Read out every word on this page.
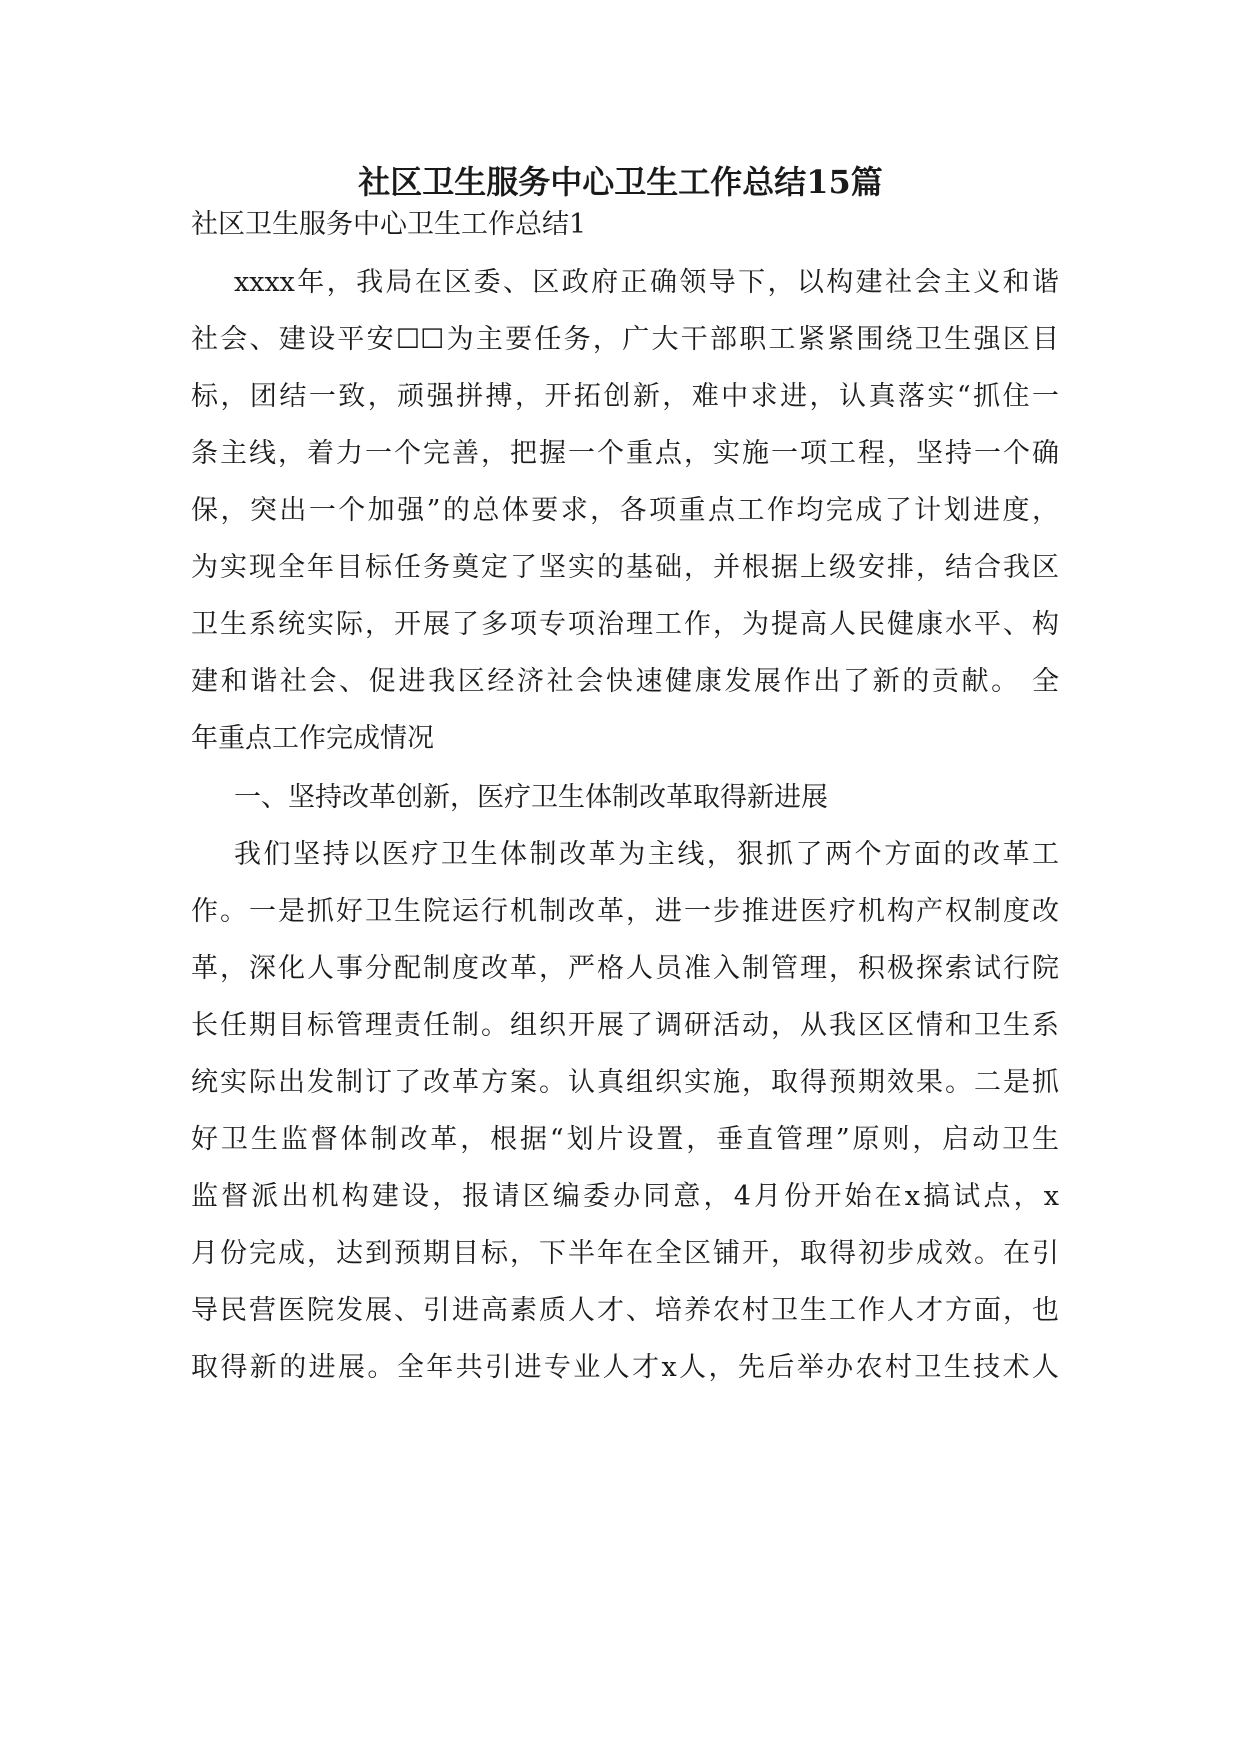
社区卫生服务中心卫生工作总结15篇
社区卫生服务中心卫生工作总结1
xxxx年，我局在区委、区政府正确领导下，以构建社会主义和谐
社会、建设平安☐☐为主要任务，广大干部职工紧紧围绕卫生强区目
标，团结一致，顽强拼搏，开拓创新，难中求进，认真落实“抓住一
条主线，着力一个完善，把握一个重点，实施一项工程，坚持一个确
保，突出一个加强”的总体要求，各项重点工作均完成了计划进度，
为实现全年目标任务奠定了坚实的基础，并根据上级安排，结合我区
卫生系统实际，开展了多项专项治理工作，为提高人民健康水平、构
建和谐社会、促进我区经济社会快速健康发展作出了新的贡献。 全
年重点工作完成情况
一、坚持改革创新，医疗卫生体制改革取得新进展
我们坚持以医疗卫生体制改革为主线，狠抓了两个方面的改革工
作。一是抓好卫生院运行机制改革，进一步推进医疗机构产权制度改
革，深化人事分配制度改革，严格人员准入制管理，积极探索试行院
长任期目标管理责任制。组织开展了调研活动，从我区区情和卫生系
统实际出发制订了改革方案。认真组织实施，取得预期效果。二是抓
好卫生监督体制改革，根据“划片设置，垂直管理”原则，启动卫生
监督派出机构建设，报请区编委办同意，4月份开始在x搞试点，x
月份完成，达到预期目标，下半年在全区铺开，取得初步成效。在引
导民营医院发展、引进高素质人才、培养农村卫生工作人才方面，也
取得新的进展。全年共引进专业人才x人，先后举办农村卫生技术人
